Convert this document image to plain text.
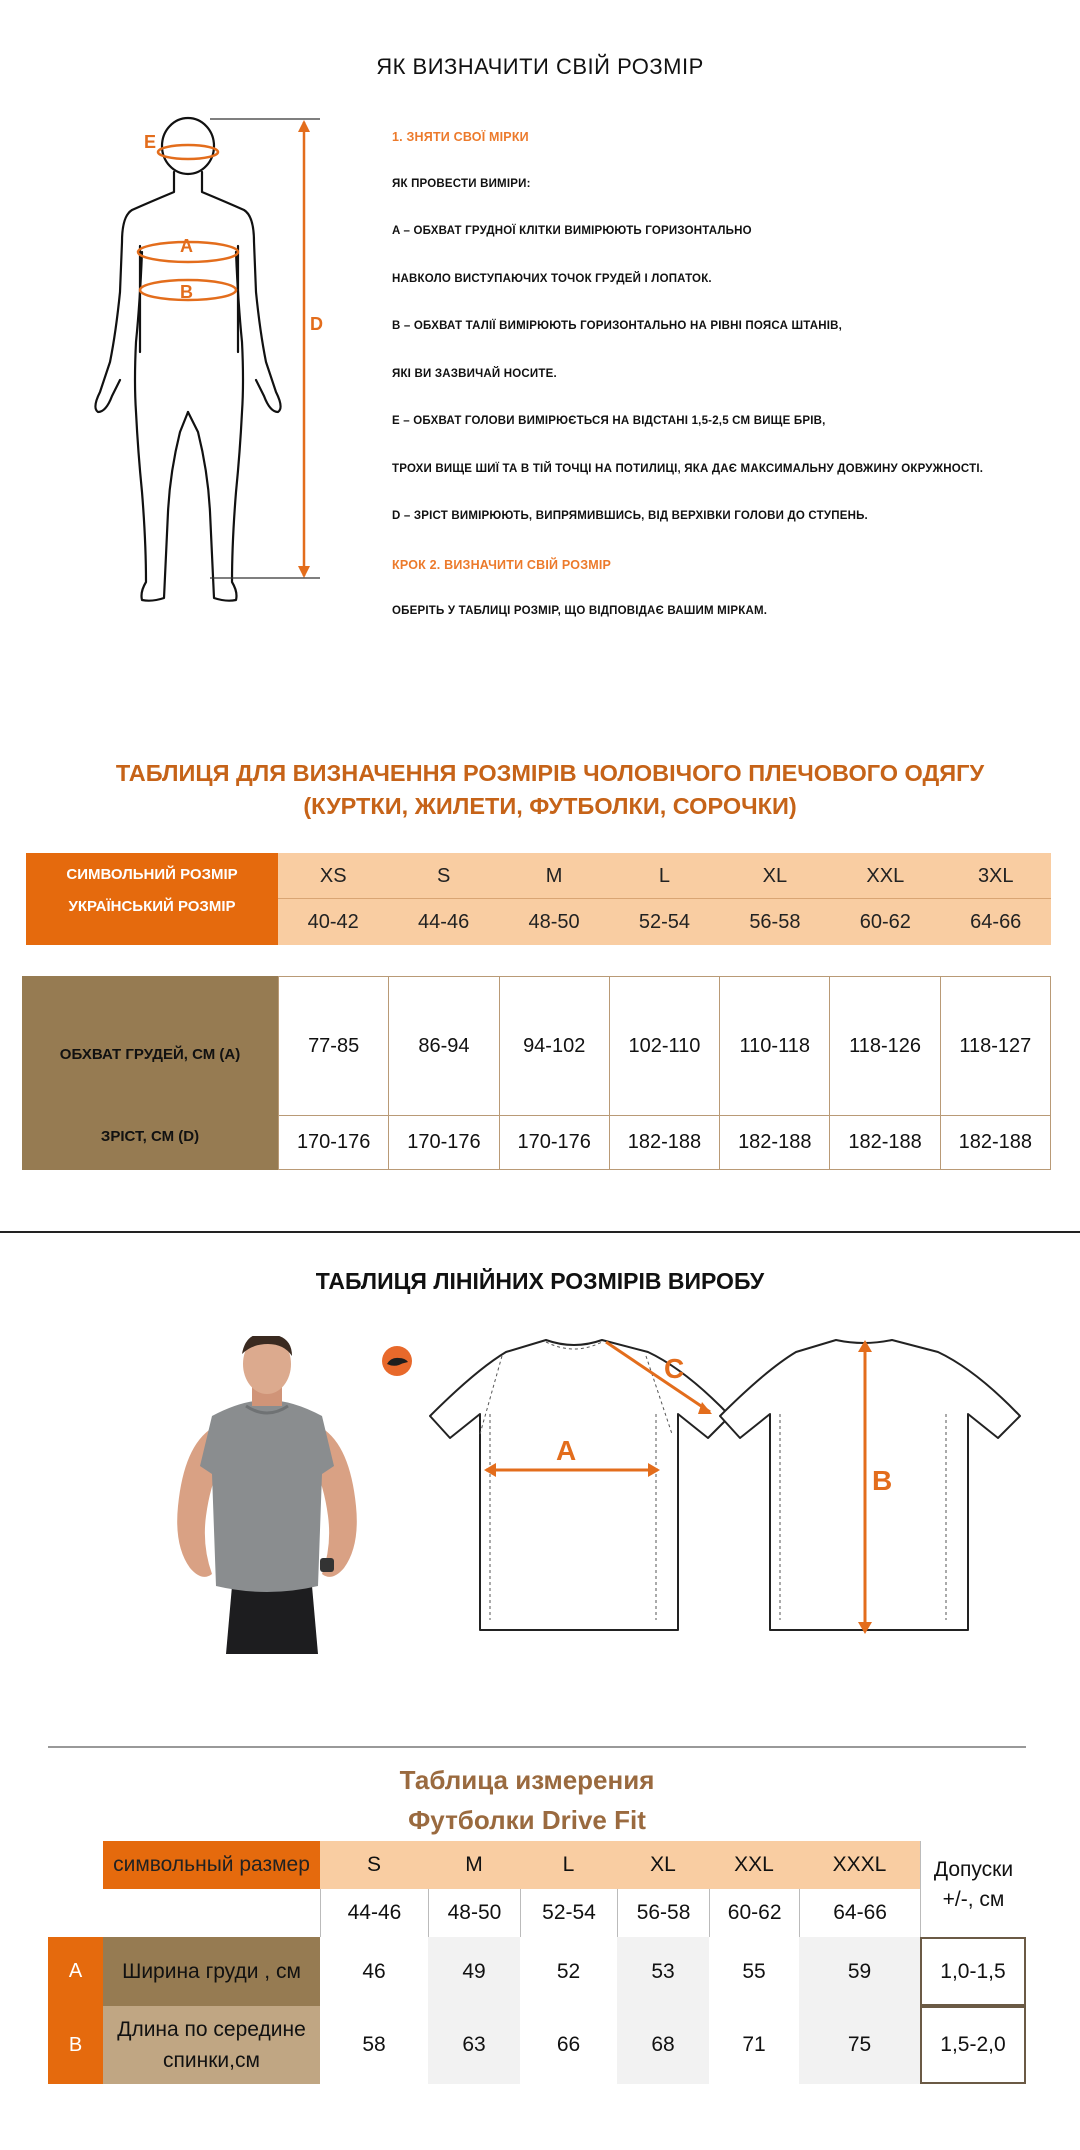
ЯК ВИЗНАЧИТИ СВІЙ РОЗМІР
E
A
B
D
1. ЗНЯТИ СВОЇ МІРКИ
ЯК ПРОВЕСТИ ВИМІРИ:
A – ОБХВАТ ГРУДНОЇ КЛІТКИ ВИМІРЮЮТЬ ГОРИЗОНТАЛЬНО
НАВКОЛО ВИСТУПАЮЧИХ ТОЧОК ГРУДЕЙ І ЛОПАТОК.
B – ОБХВАТ ТАЛІЇ ВИМІРЮЮТЬ ГОРИЗОНТАЛЬНО НА РІВНІ ПОЯСА ШТАНІВ,
ЯКІ ВИ ЗАЗВИЧАЙ НОСИТЕ.
E – ОБХВАТ ГОЛОВИ ВИМІРЮЄТЬСЯ НА ВІДСТАНІ 1,5-2,5 СМ ВИЩЕ БРІВ,
ТРОХИ ВИЩЕ ШИЇ ТА В ТІЙ ТОЧЦІ НА ПОТИЛИЦІ, ЯКА ДАЄ МАКСИМАЛЬНУ ДОВЖИНУ ОКРУЖНОСТІ.
D – ЗРІСТ ВИМІРЮЮТЬ, ВИПРЯМИВШИСЬ, ВІД ВЕРХІВКИ ГОЛОВИ ДО СТУПЕНЬ.
КРОК 2. ВИЗНАЧИТИ СВІЙ РОЗМІР
ОБЕРІТЬ У ТАБЛИЦІ РОЗМІР, ЩО ВІДПОВІДАЄ ВАШИМ МІРКАМ.
ТАБЛИЦЯ ДЛЯ ВИЗНАЧЕННЯ РОЗМІРІВ ЧОЛОВІЧОГО ПЛЕЧОВОГО ОДЯГУ
(КУРТКИ, ЖИЛЕТИ, ФУТБОЛКИ, СОРОЧКИ)
СИМВОЛЬНИЙ РОЗМІР
УКРАЇНСЬКИЙ РОЗМІР
XS	S	M	L	XL	XXL	3XL
40-42	44-46	48-50	52-54	56-58	60-62	64-66
ОБХВАТ ГРУДЕЙ, СМ (A)
ЗРІСТ, СМ (D)
77-85	86-94	94-102	102-110	110-118	118-126	118-127
170-176	170-176	170-176	182-188	182-188	182-188	182-188
ТАБЛИЦЯ ЛІНІЙНИХ РОЗМІРІВ ВИРОБУ
A
C
B
Таблица измерения
Футболки Drive Fit
символьный размер	S	M	L	XL	XXL	XXXL
44-46	48-50	52-54	56-58	60-62	64-66
Допуски
+/-, см
A	Ширина груди , см	46	49	52	53	55	59	1,0-1,5
B
Длина по середине
спинки,см
58	63	66	68	71	75	1,5-2,0
